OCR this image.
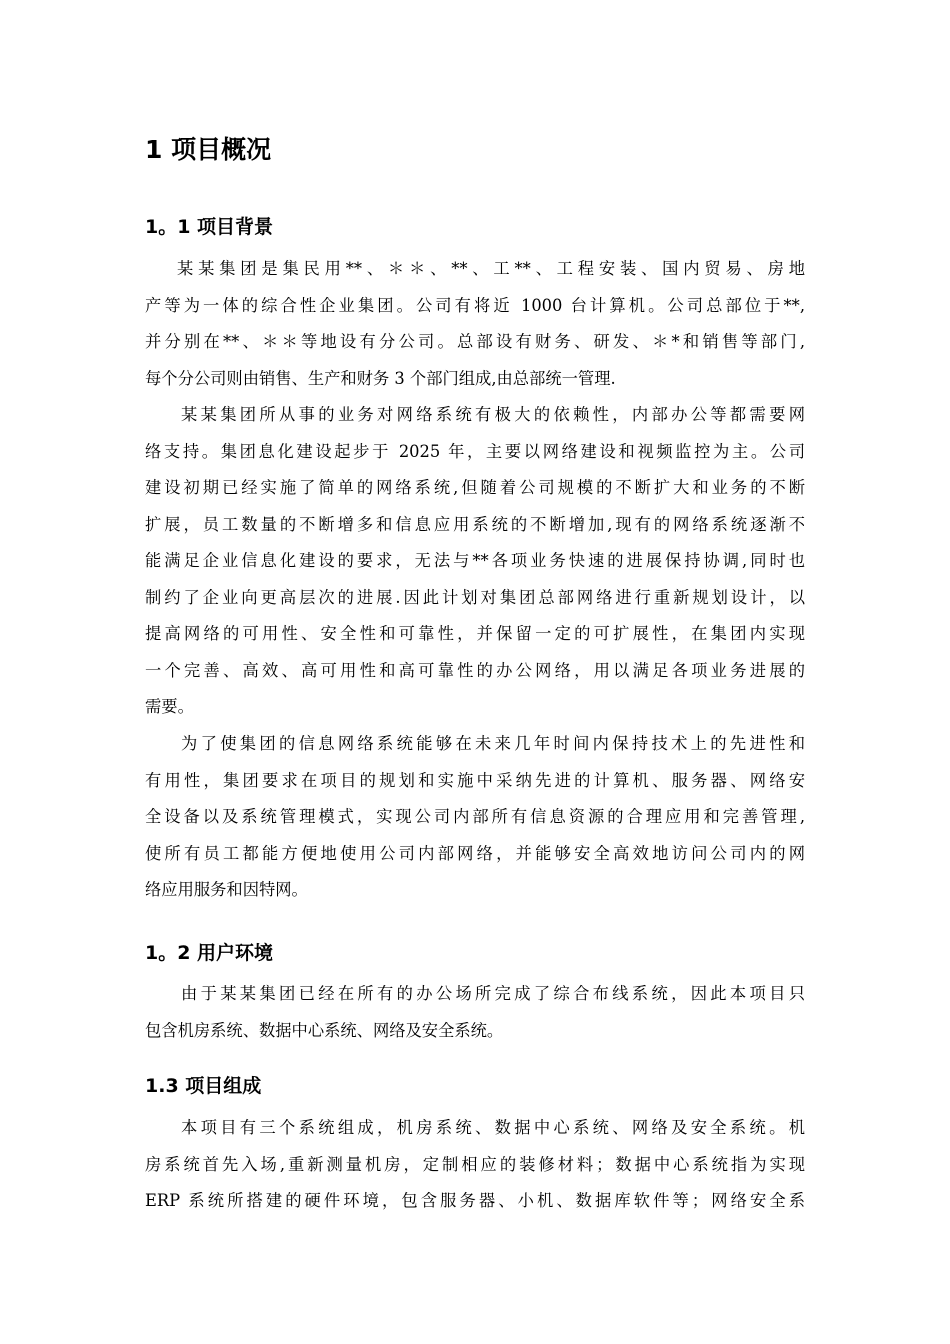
1 项目概况
1。1 项目背景
某某集团是集民用**、＊＊、**、工**、工程安装、国内贸易、房地
产等为一体的综合性企业集团。公司有将近 1000 台计算机。公司总部位于**,
并分别在**、＊＊等地设有分公司。总部设有财务、研发、＊*和销售等部门,
每个分公司则由销售、生产和财务 3 个部门组成,由总部统一管理.
某某集团所从事的业务对网络系统有极大的依赖性，内部办公等都需要网
络支持。集团息化建设起步于 2025 年，主要以网络建设和视频监控为主。公司
建设初期已经实施了简单的网络系统,但随着公司规模的不断扩大和业务的不断
扩展，员工数量的不断增多和信息应用系统的不断增加,现有的网络系统逐渐不
能满足企业信息化建设的要求，无法与**各项业务快速的进展保持协调,同时也
制约了企业向更高层次的进展.因此计划对集团总部网络进行重新规划设计，以
提高网络的可用性、安全性和可靠性，并保留一定的可扩展性，在集团内实现
一个完善、高效、高可用性和高可靠性的办公网络，用以满足各项业务进展的
需要。
为了使集团的信息网络系统能够在未来几年时间内保持技术上的先进性和
有用性，集团要求在项目的规划和实施中采纳先进的计算机、服务器、网络安
全设备以及系统管理模式，实现公司内部所有信息资源的合理应用和完善管理,
使所有员工都能方便地使用公司内部网络，并能够安全高效地访问公司内的网
络应用服务和因特网。
1。2 用户环境
由于某某集团已经在所有的办公场所完成了综合布线系统，因此本项目只
包含机房系统、数据中心系统、网络及安全系统。
1.3 项目组成
本项目有三个系统组成，机房系统、数据中心系统、网络及安全系统。机
房系统首先入场,重新测量机房，定制相应的装修材料；数据中心系统指为实现
ERP 系统所搭建的硬件环境，包含服务器、小机、数据库软件等；网络安全系
